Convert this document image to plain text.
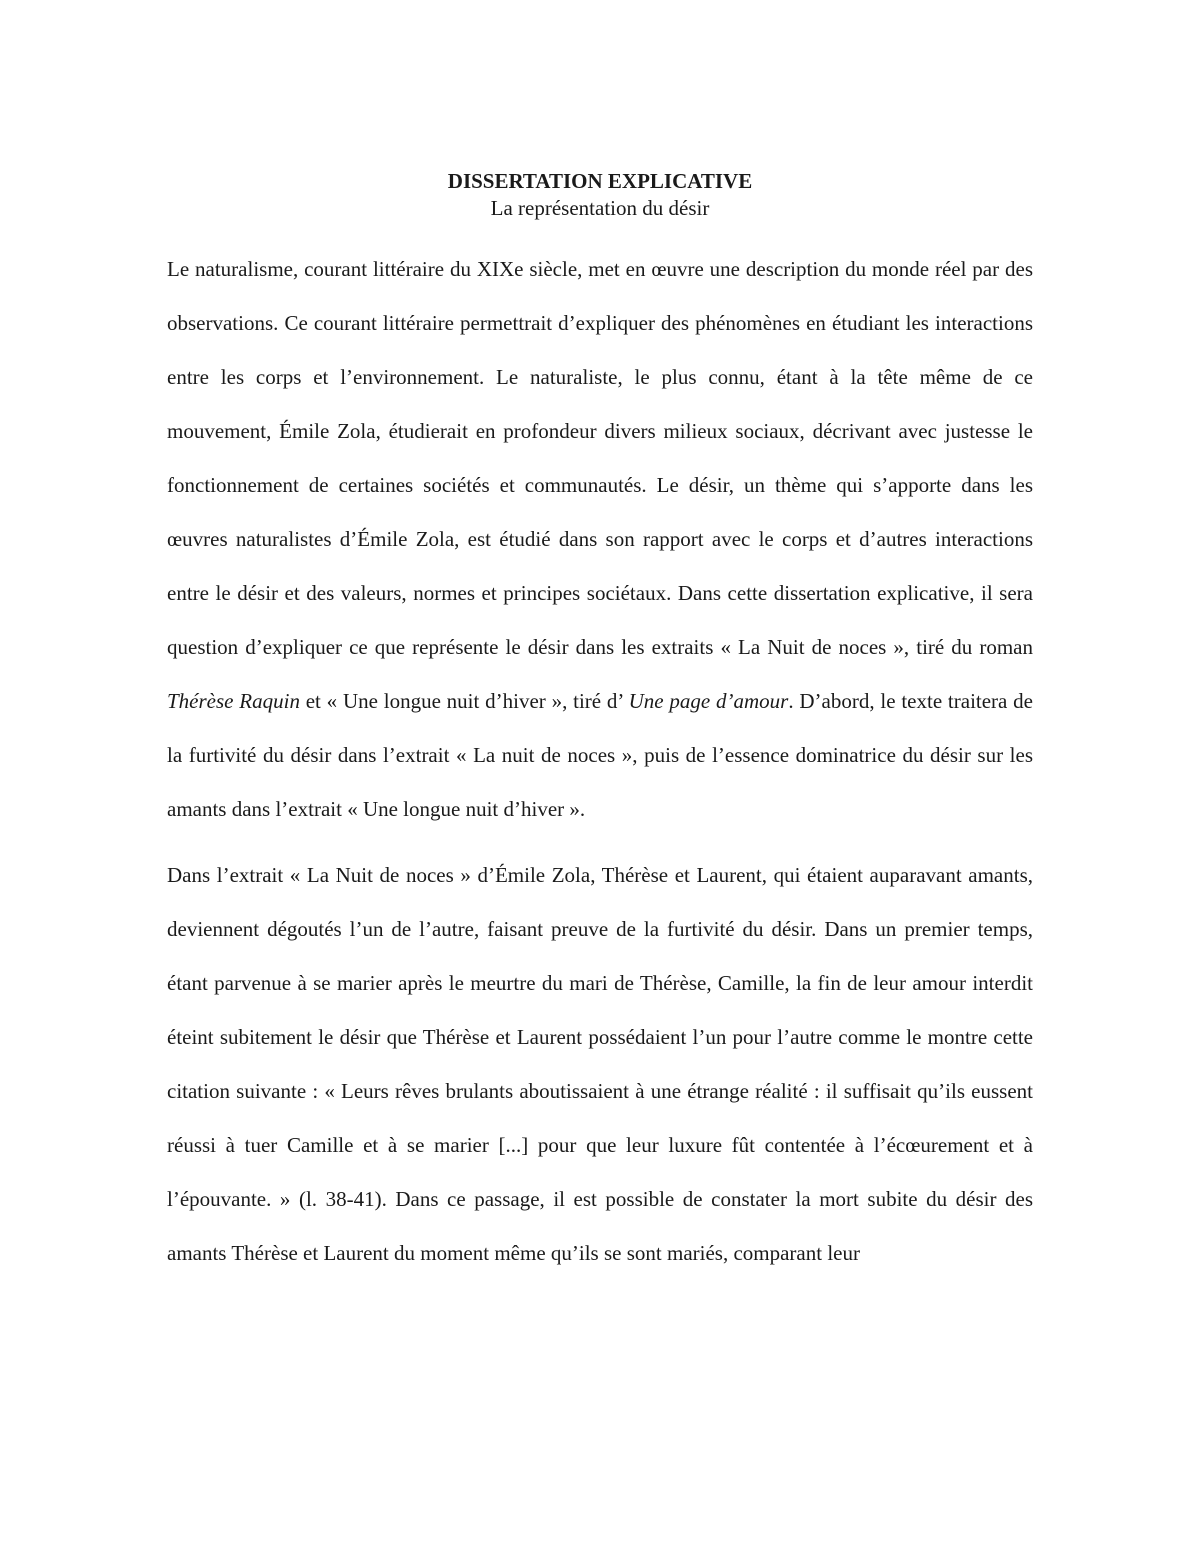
DISSERTATION EXPLICATIVE

La représentation du désir

Le naturalisme, courant littéraire du XIXe siècle, met en œuvre une description du monde réel par des observations. Ce courant littéraire permettrait d’expliquer des phénomènes en étudiant les interactions entre les corps et l’environnement. Le naturaliste, le plus connu, étant à la tête même de ce mouvement, Émile Zola, étudierait en profondeur divers milieux sociaux, décrivant avec justesse le fonctionnement de certaines sociétés et communautés. Le désir, un thème qui s’apporte dans les œuvres naturalistes d’Émile Zola, est étudié dans son rapport avec le corps et d’autres interactions entre le désir et des valeurs, normes et principes sociétaux. Dans cette dissertation explicative, il sera question d’expliquer ce que représente le désir dans les extraits « La Nuit de noces », tiré du roman Thérèse Raquin et « Une longue nuit d’hiver », tiré d’ Une page d’amour. D’abord, le texte traitera de la furtivité du désir dans l’extrait « La nuit de noces », puis de l’essence dominatrice du désir sur les amants dans l’extrait « Une longue nuit d’hiver ».

Dans l’extrait « La Nuit de noces » d’Émile Zola, Thérèse et Laurent, qui étaient auparavant amants, deviennent dégoutés l’un de l’autre, faisant preuve de la furtivité du désir. Dans un premier temps, étant parvenue à se marier après le meurtre du mari de Thérèse, Camille, la fin de leur amour interdit éteint subitement le désir que Thérèse et Laurent possédaient l’un pour l’autre comme le montre cette citation suivante : « Leurs rêves brulants aboutissaient à une étrange réalité : il suffisait qu’ils eussent réussi à tuer Camille et à se marier [...] pour que leur luxure fût contentée à l’écœurement et à l’épouvante. » (l. 38-41). Dans ce passage, il est possible de constater la mort subite du désir des amants Thérèse et Laurent du moment même qu’ils se sont mariés, comparant leur
